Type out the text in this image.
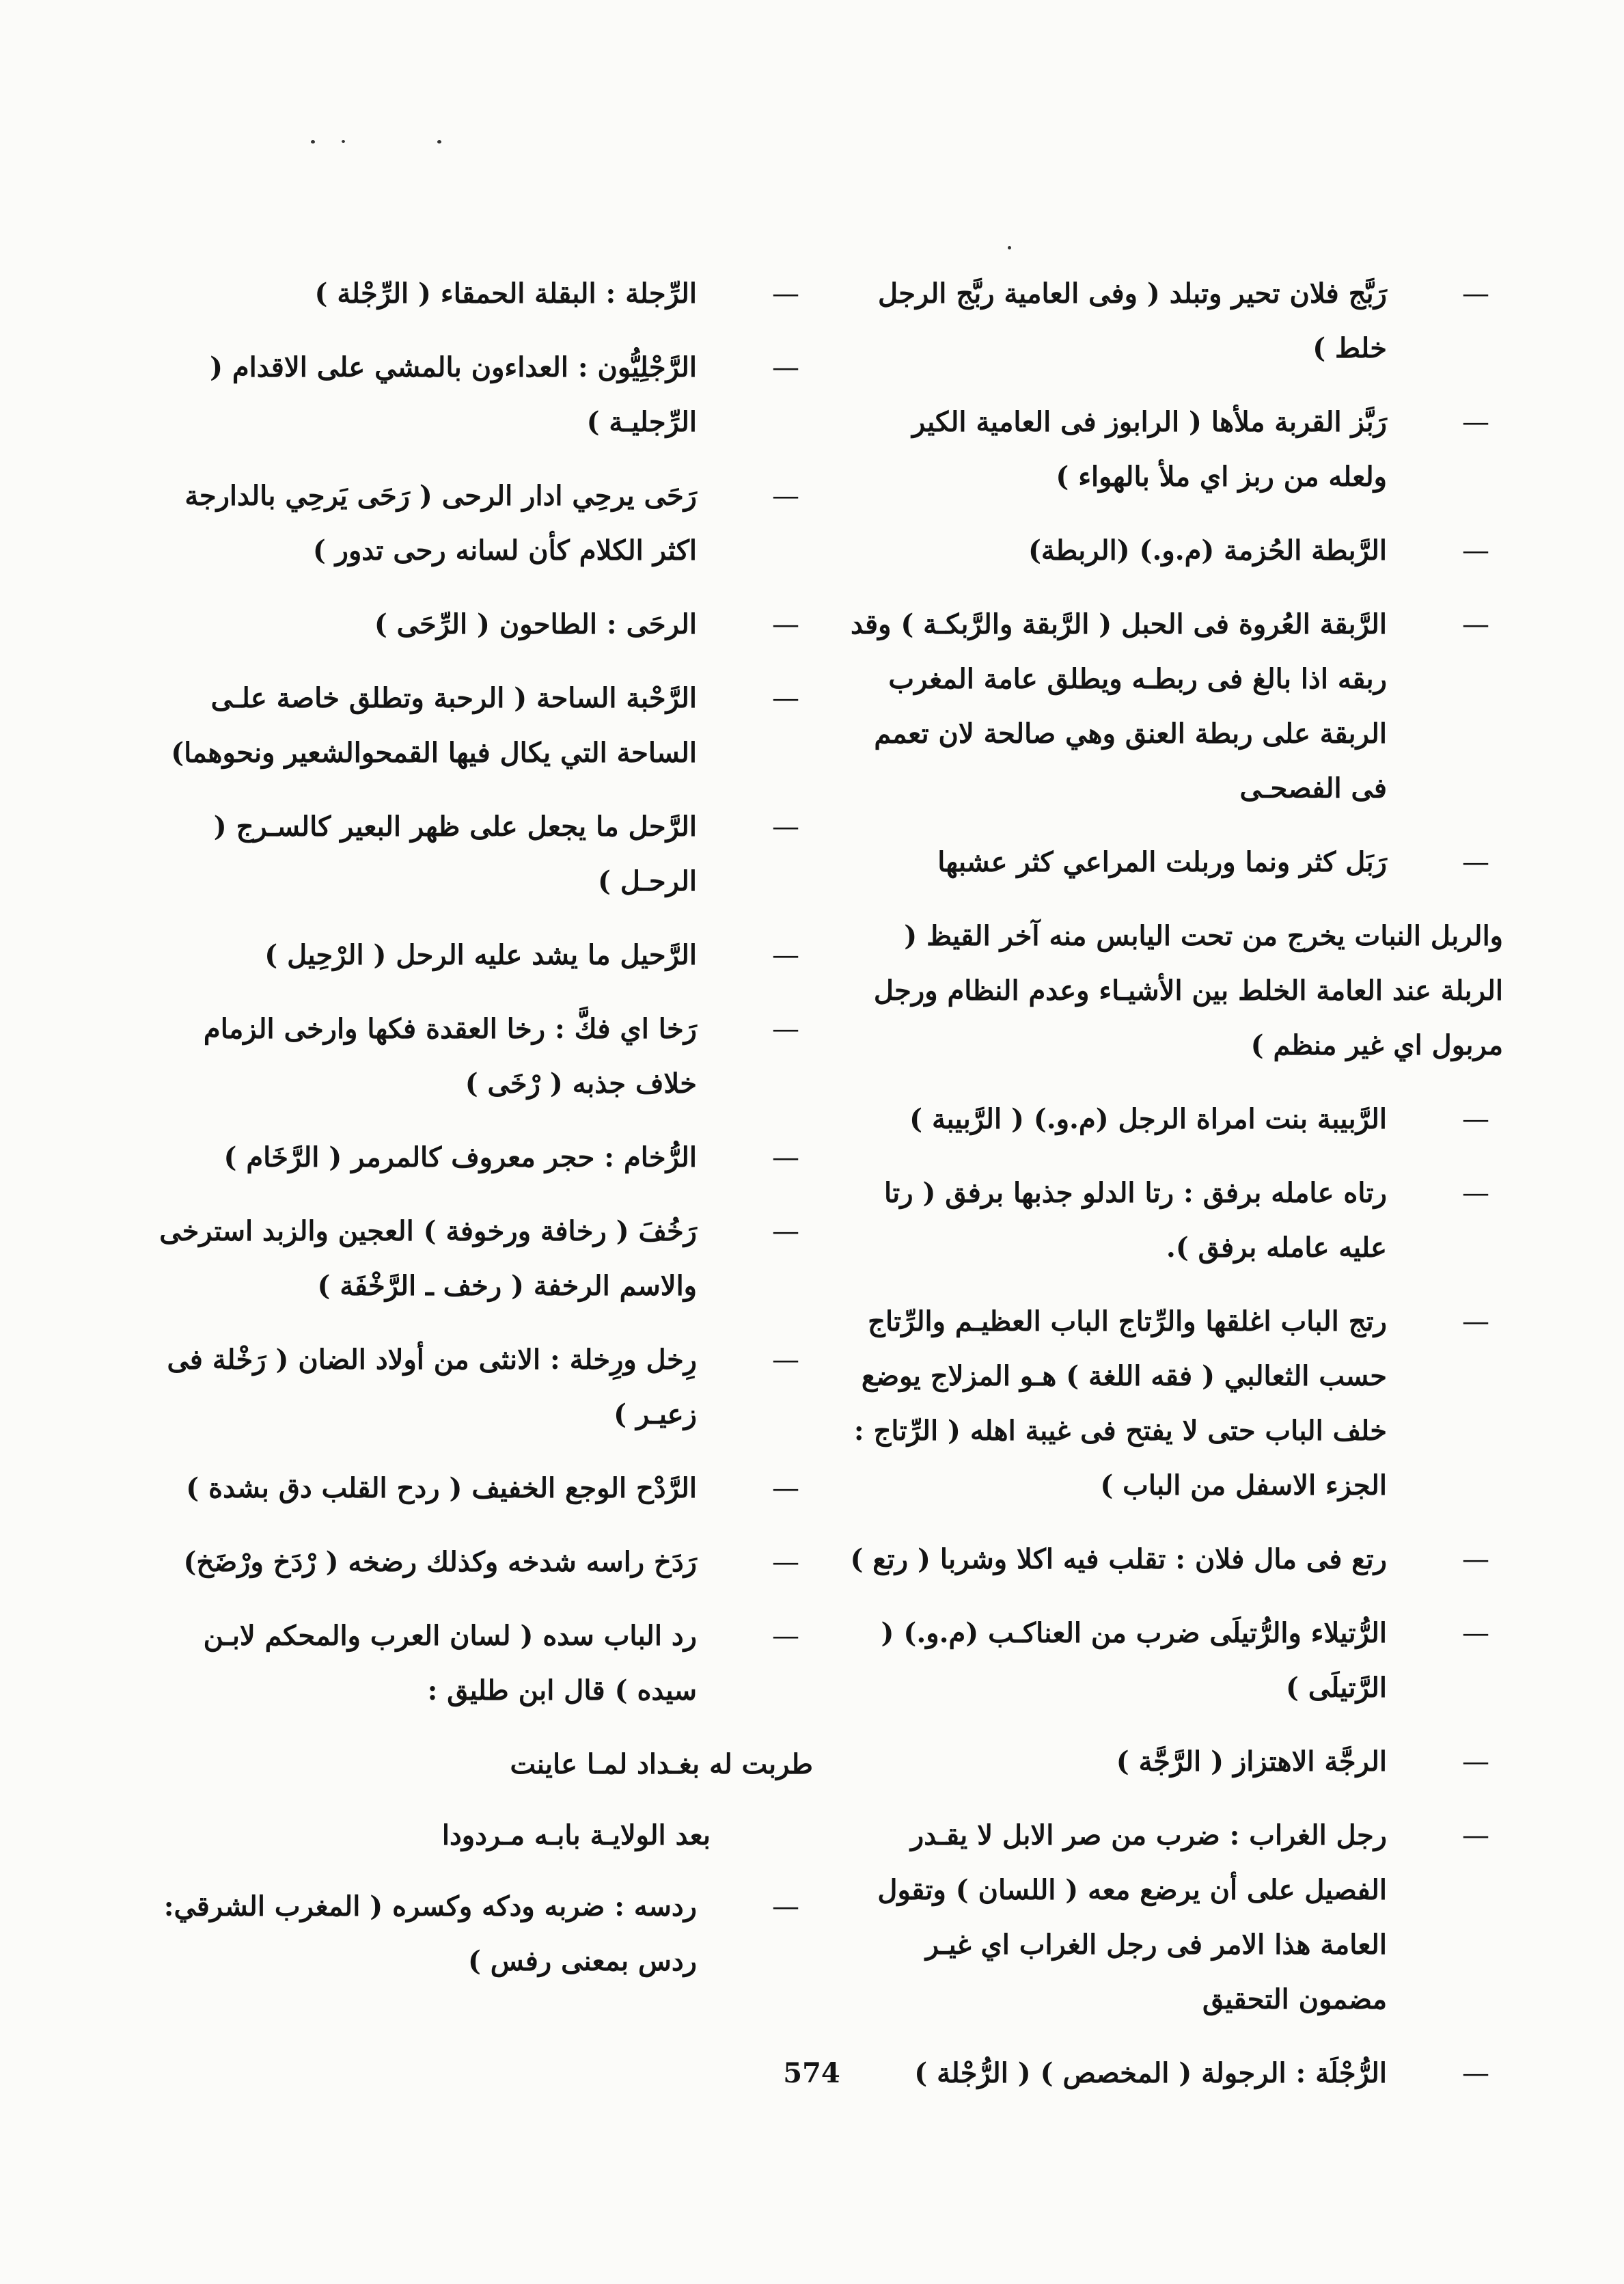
—
رَبَّج فلان تحير وتبلد ( وفى العامية ربَّج الرجل خلط )
—
رَبَّز القربة ملأها ( الرابوز فى العامية الكير ولعله من ربز اي ملأ بالهواء )
—
الرَّبطة الحُزمة (م.و.) (الربطة)
—
الرَّبقة العُروة فى الحبل ( الرَّبقة والرَّبكـة ) وقد ربقه اذا بالغ فى ربطـه ويطلق عامة المغرب الربقة على ربطة العنق وهي صالحة لان تعمم فى الفصحـى
—
رَبَل كثر ونما وربلت المراعي كثر عشبها
والربل النبات يخرج من تحت اليابس منه آخر القيظ ( الربلة عند العامة الخلط بين الأشيـاء وعدم النظام ورجل مربول اي غير منظم )
—
الرَّبيبة بنت امراة الرجل (م.و.) ( الرَّبيبة )
—
رتاه عامله برفق : رتا الدلو جذبها برفق ( رتا عليه عامله برفق ).
—
رتج الباب اغلقها والرِّتاج الباب العظيـم والرِّتاج حسب الثعالبي ( فقه اللغة ) هـو المزلاج يوضع خلف الباب حتى لا يفتح فى غيبة اهله ( الرِّتاج : الجزء الاسفل من الباب )
—
رتع فى مال فلان : تقلب فيه اكلا وشربا ( رتع )
—
الرُّتيلاء والرُّتيلَى ضرب من العناكـب (م.و.) ( الرَّتيلَى )
—
الرجَّة الاهتزاز ( الرَّجَّة )
—
رجل الغراب : ضرب من صر الابل لا يقـدر الفصيل على أن يرضع معه ( اللسان ) وتقول العامة هذا الامر فى رجل الغراب اي غيـر مضمون التحقيق
—
الرُّجْلَة : الرجولة ( المخصص ) ( الرُّجْلة )
—
الرِّجلة : البقلة الحمقاء ( الرِّجْلة )
—
الرَّجْلِيُّون : العداءون بالمشي على الاقدام ( الرِّجليـة )
—
رَحَى يرحِي ادار الرحى ( رَحَى يَرحِي بالدارجة اكثر الكلام كأن لسانه رحى تدور )
—
الرحَى : الطاحون ( الرِّحَى )
—
الرَّحْبة الساحة ( الرحبة وتطلق خاصة علـى الساحة التي يكال فيها القمحوالشعير ونحوهما)
—
الرَّحل ما يجعل على ظهر البعير كالسـرج ( الرحـل )
—
الرَّحيل ما يشد عليه الرحل ( الرْحِيل )
—
رَخا اي فكَّ : رخا العقدة فكها وارخى الزمام خلاف جذبه ( رْخَى )
—
الرُّخام : حجر معروف كالمرمر ( الرَّخَام )
—
رَخُفَ ( رخافة ورخوفة ) العجين والزبد استرخى والاسم الرخفة ( رخف ـ الرَّخْفَة )
—
رِخل ورِخلة : الانثى من أولاد الضان ( رَخْلة فى زعيـر )
—
الرَّدْح الوجع الخفيف ( ردح القلب دق بشدة )
—
رَدَخ راسه شدخه وكذلك رضخه ( رْدَخ ورْضَخ)
—
رد الباب سده ( لسان العرب والمحكم لابـن سيده ) قال ابن طليق :
طربت له بغـداد لمـا عاينت
بعد الولايـة بابـه مـردودا
—
ردسه : ضربه ودكه وكسره ( المغرب الشرقي: ردس بمعنى رفس )
574
